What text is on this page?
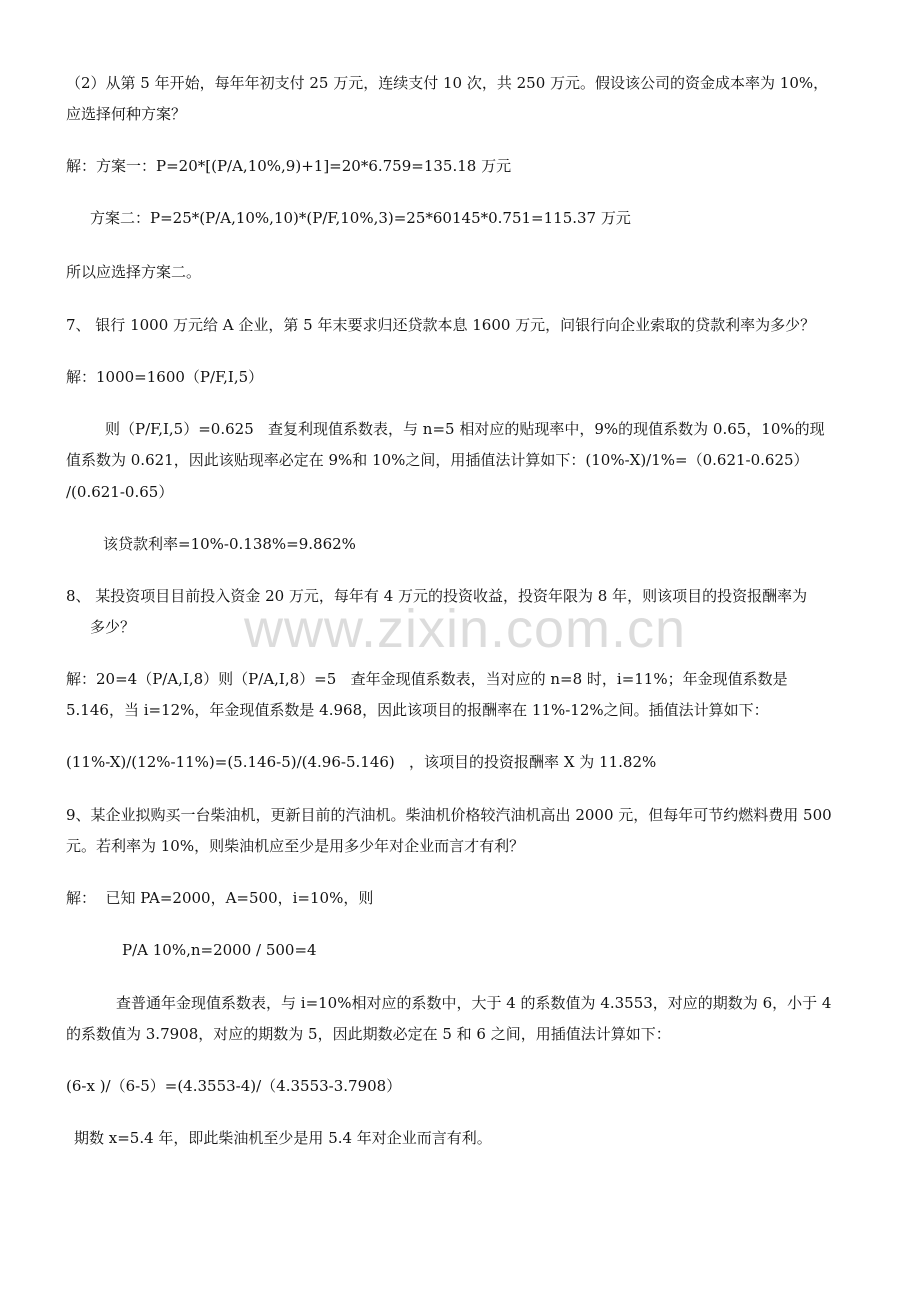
www.zixin.com.cn

（2）从第 5 年开始，每年年初支付 25 万元，连续支付 10 次，共 250 万元。假设该公司的资金成本率为 10%，

应选择何种方案？

解：方案一：P=20*[(P/A,10%,9)+1]=20*6.759=135.18 万元

方案二：P=25*(P/A,10%,10)*(P/F,10%,3)=25*60145*0.751=115.37 万元

所以应选择方案二。

7、 银行 1000 万元给 A 企业，第 5 年末要求归还贷款本息 1600 万元，问银行向企业索取的贷款利率为多少？

解：1000=1600（P/F,I,5）

则（P/F,I,5）=0.625   查复利现值系数表，与 n=5 相对应的贴现率中，9%的现值系数为 0.65，10%的现

值系数为 0.621，因此该贴现率必定在 9%和 10%之间，用插值法计算如下：(10%-X)/1%=（0.621-0.625）

/(0.621-0.65）

该贷款利率=10%-0.138%=9.862%

8、 某投资项目目前投入资金 20 万元，每年有 4 万元的投资收益，投资年限为 8 年，则该项目的投资报酬率为

多少？

解：20=4（P/A,I,8）则（P/A,I,8）=5   查年金现值系数表，当对应的 n=8 时，i=11%；年金现值系数是

5.146，当 i=12%，年金现值系数是 4.968，因此该项目的报酬率在 11%-12%之间。插值法计算如下：

(11%-X)/(12%-11%)=(5.146-5)/(4.96-5.146)   ，该项目的投资报酬率 X 为 11.82%

9、某企业拟购买一台柴油机，更新目前的汽油机。柴油机价格较汽油机高出 2000 元，但每年可节约燃料费用 500

元。若利率为 10%，则柴油机应至少是用多少年对企业而言才有利？

解：  已知 PA=2000，A=500，i=10%，则

P/A 10%,n=2000 / 500=4

查普通年金现值系数表，与 i=10%相对应的系数中，大于 4 的系数值为 4.3553，对应的期数为 6，小于 4

的系数值为 3.7908，对应的期数为 5，因此期数必定在 5 和 6 之间，用插值法计算如下：

(6-x )/（6-5）=(4.3553-4)/（4.3553-3.7908）

期数 x=5.4 年，即此柴油机至少是用 5.4 年对企业而言有利。
